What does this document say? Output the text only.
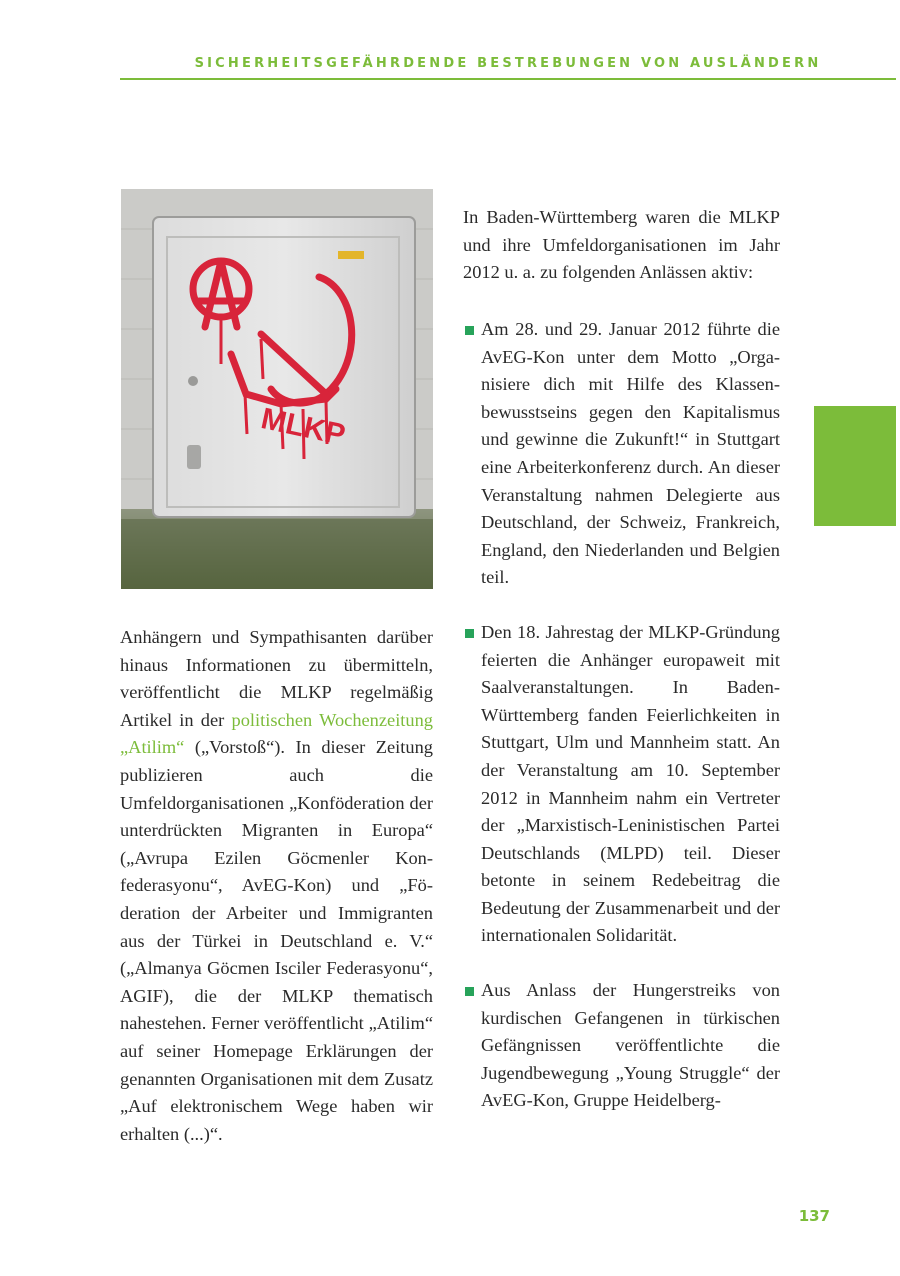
SICHERHEITSGEFÄHRDENDE BESTREBUNGEN VON AUSLÄNDERN
MLKP
Anhängern und Sympathisanten darüber hinaus Informationen zu übermitteln, veröffentlicht die MLKP regelmäßig Artikel in der politischen Wochenzeitung „Atilim“ („Vorstoß“). In dieser Zeitung publizieren auch die Umfeldorganisationen „Konföderation der unterdrückten Migranten in Europa“ („Avrupa Ezilen Göcmenler Konfederasyonu“, AvEG-Kon) und „Föderation der Arbeiter und Immigranten aus der Türkei in Deutschland e. V.“ („Almanya Göcmen Isciler Federasyonu“, AGIF), die der MLKP thematisch nahestehen. Ferner veröffentlicht „Atilim“ auf seiner Homepage Erklärungen der genannten Organisationen mit dem Zusatz „Auf elektronischem Wege haben wir erhalten (...)“.
In Baden-Württemberg waren die MLKP und ihre Umfeldorganisationen im Jahr 2012 u. a. zu folgenden Anlässen aktiv:
Am 28. und 29. Januar 2012 führte die AvEG-Kon unter dem Motto „Organisiere dich mit Hilfe des Klassenbewusstseins gegen den Kapitalismus und gewinne die Zukunft!“ in Stuttgart eine Arbeiterkonferenz durch. An dieser Veranstaltung nahmen Delegierte aus Deutschland, der Schweiz, Frankreich, England, den Niederlanden und Belgien teil.
Den 18. Jahrestag der MLKP-Gründung feierten die Anhänger europaweit mit Saalveranstaltungen. In Baden-Württemberg fanden Feierlichkeiten in Stuttgart, Ulm und Mannheim statt. An der Veranstaltung am 10. September 2012 in Mannheim nahm ein Vertreter der „Marxistisch-Leninistischen Partei Deutschlands (MLPD) teil. Dieser betonte in seinem Redebeitrag die Bedeutung der Zusammenarbeit und der internationalen Solidarität.
Aus Anlass der Hungerstreiks von kurdischen Gefangenen in türkischen Gefängnissen veröffentlichte die Jugendbewegung „Young Struggle“ der AvEG-Kon, Gruppe Heidelberg-
137
